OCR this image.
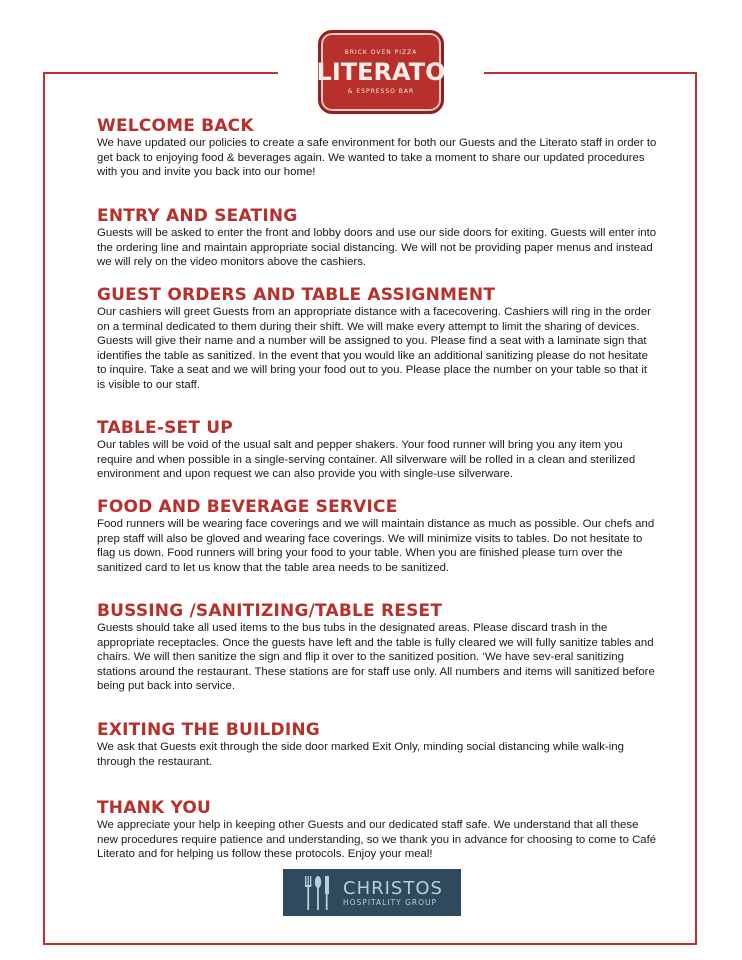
BRICK OVEN PIZZA
LITERATO
& ESPRESSO BAR
WELCOME BACK

We have updated our policies to create a safe environment for both our Guests and the Literato staff in order to get back to enjoying food & beverages again. We wanted to take a moment to share our updated procedures with you and invite you back into our home!

ENTRY AND SEATING

Guests will be asked to enter the front and lobby doors and use our side doors for exiting. Guests will enter into the ordering line and maintain appropriate social distancing. We will not be providing paper menus and instead we will rely on the video monitors above the cashiers.

GUEST ORDERS AND TABLE ASSIGNMENT

Our cashiers will greet Guests from an appropriate distance with a facecovering. Cashiers will ring in the order on a terminal dedicated to them during their shift. We will make every attempt to limit the sharing of devices. Guests will give their name and a number will be assigned to you. Please find a seat with a laminate sign that identifies the table as sanitized. In the event that you would like an additional sanitizing please do not hesitate to inquire. Take a seat and we will bring your food out to you. Please place the number on your table so that it is visible to our staff.

TABLE-SET UP

Our tables will be void of the usual salt and pepper shakers. Your food runner will bring you any item you require and when possible in a single-serving container. All silverware will be rolled in a clean and sterilized environment and upon request we can also provide you with single-use silverware.

FOOD AND BEVERAGE SERVICE

Food runners will be wearing face coverings and we will maintain distance as much as possible. Our chefs and prep staff will also be gloved and wearing face coverings. We will minimize visits to tables. Do not hesitate to flag us down. Food runners will bring your food to your table. When you are finished please turn over the sanitized card to let us know that the table area needs to be sanitized.

BUSSING /SANITIZING/TABLE RESET

Guests should take all used items to the bus tubs in the designated areas. Please discard trash in the appropriate receptacles. Once the guests have left and the table is fully cleared we will fully sanitize tables and chairs. We will then sanitize the sign and flip it over to the sanitized position. ‘We have sev-eral sanitizing stations around the restaurant. These stations are for staff use only. All numbers and items will sanitized before being put back into service.

EXITING THE BUILDING

We ask that Guests exit through the side door marked Exit Only, minding social distancing while walk-ing through the restaurant.

THANK YOU

We appreciate your help in keeping other Guests and our dedicated staff safe. We understand that all these new procedures require patience and understanding, so we thank you in advance for choosing to come to Café Literato and for helping us follow these protocols. Enjoy your meal!

CHRISTOS
HOSPITALITY GROUP
